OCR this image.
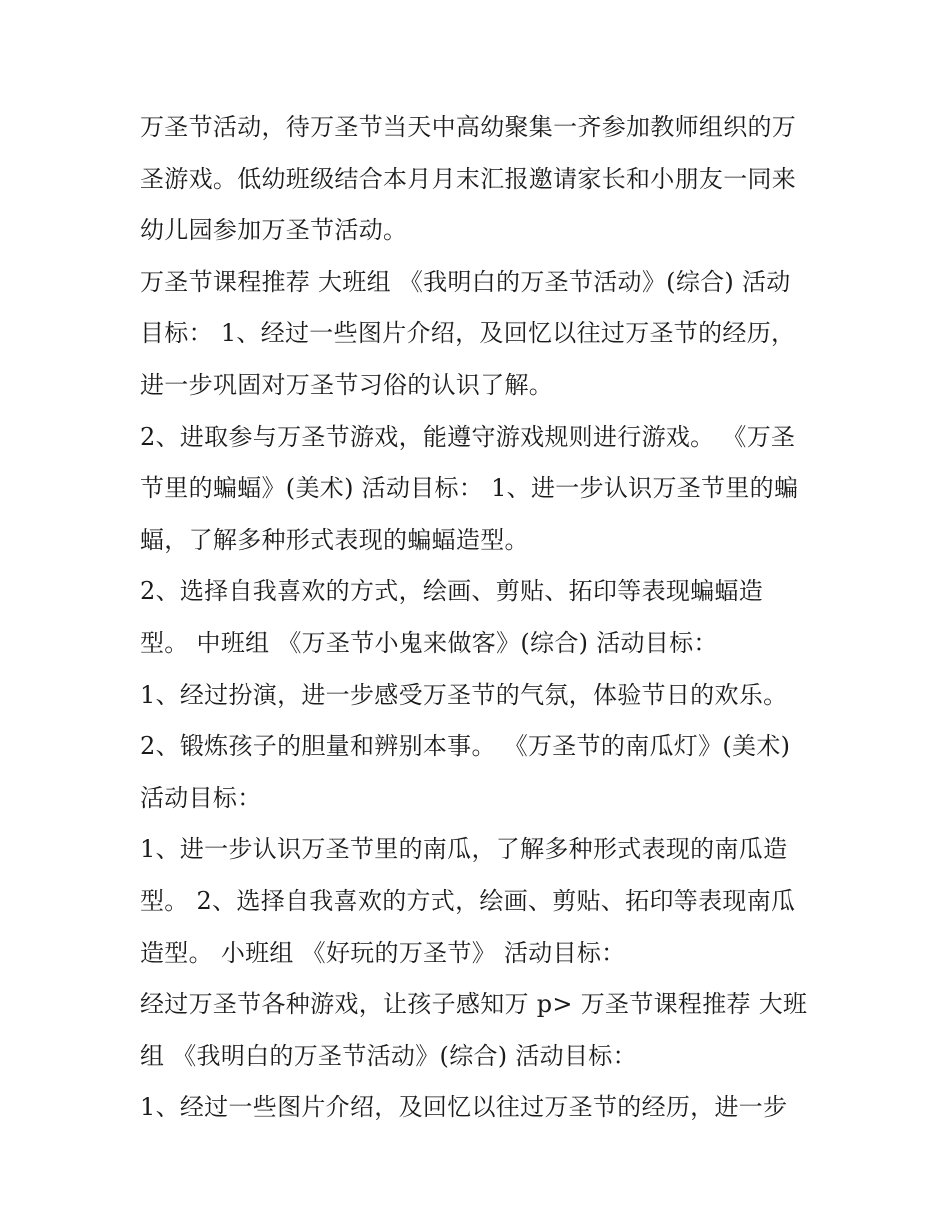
万圣节活动，待万圣节当天中高幼聚集一齐参加教师组织的万
圣游戏。低幼班级结合本月月末汇报邀请家长和小朋友一同来
幼儿园参加万圣节活动。
万圣节课程推荐 大班组 《我明白的万圣节活动》(综合) 活动
目标： 1、经过一些图片介绍，及回忆以往过万圣节的经历，
进一步巩固对万圣节习俗的认识了解。
2、进取参与万圣节游戏，能遵守游戏规则进行游戏。 《万圣
节里的蝙蝠》(美术) 活动目标： 1、进一步认识万圣节里的蝙
蝠，了解多种形式表现的蝙蝠造型。
2、选择自我喜欢的方式，绘画、剪贴、拓印等表现蝙蝠造
型。 中班组 《万圣节小鬼来做客》(综合) 活动目标：
1、经过扮演，进一步感受万圣节的气氛，体验节日的欢乐。
2、锻炼孩子的胆量和辨别本事。 《万圣节的南瓜灯》(美术)
活动目标：
1、进一步认识万圣节里的南瓜，了解多种形式表现的南瓜造
型。 2、选择自我喜欢的方式，绘画、剪贴、拓印等表现南瓜
造型。 小班组 《好玩的万圣节》 活动目标：
经过万圣节各种游戏，让孩子感知万 p> 万圣节课程推荐 大班
组 《我明白的万圣节活动》(综合) 活动目标：
1、经过一些图片介绍，及回忆以往过万圣节的经历，进一步
